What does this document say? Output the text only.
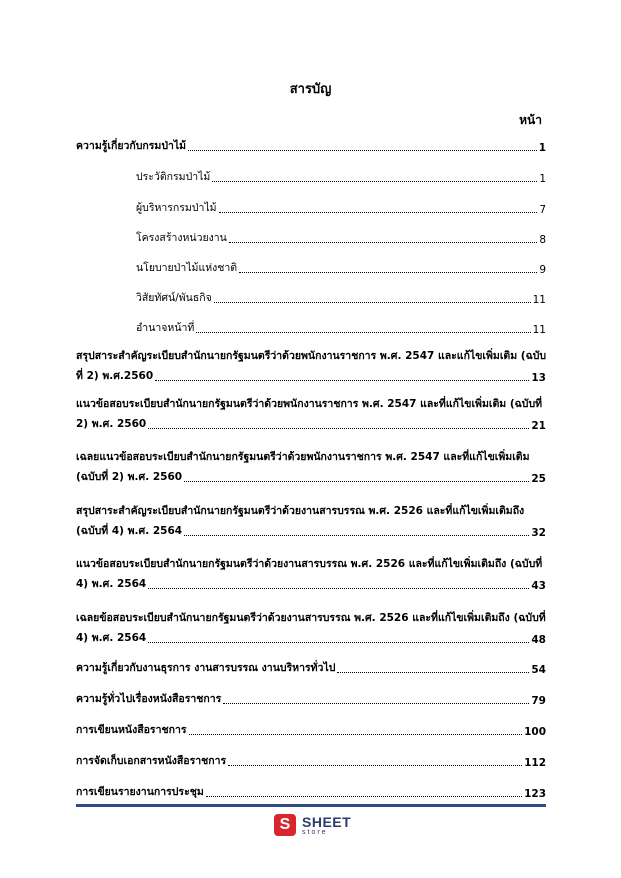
สารบัญ
หน้า
ความรู้เกี่ยวกับกรมป่าไม้	1
ประวัติกรมป่าไม้	1
ผู้บริหารกรมป่าไม้	7
โครงสร้างหน่วยงาน	8
นโยบายป่าไม้แห่งชาติ	9
วิสัยทัศน์/พันธกิจ	11
อำนาจหน้าที่	11
สรุปสาระสำคัญระเบียบสำนักนายกรัฐมนตรีว่าด้วยพนักงานราชการ พ.ศ. 2547 และแก้ไขเพิ่มเติม (ฉบับ
ที่ 2) พ.ศ.2560	13
แนวข้อสอบระเบียบสำนักนายกรัฐมนตรีว่าด้วยพนักงานราชการ พ.ศ. 2547 และที่แก้ไขเพิ่มเติม (ฉบับที่
2) พ.ศ. 2560	21
เฉลยแนวข้อสอบระเบียบสำนักนายกรัฐมนตรีว่าด้วยพนักงานราชการ พ.ศ. 2547 และที่แก้ไขเพิ่มเติม
(ฉบับที่ 2) พ.ศ. 2560	25
สรุปสาระสำคัญระเบียบสำนักนายกรัฐมนตรีว่าด้วยงานสารบรรณ พ.ศ. 2526 และที่แก้ไขเพิ่มเติมถึง
(ฉบับที่ 4) พ.ศ. 2564	32
แนวข้อสอบระเบียบสำนักนายกรัฐมนตรีว่าด้วยงานสารบรรณ พ.ศ. 2526 และที่แก้ไขเพิ่มเติมถึง (ฉบับที่
4) พ.ศ. 2564	43
เฉลยข้อสอบระเบียบสำนักนายกรัฐมนตรีว่าด้วยงานสารบรรณ พ.ศ. 2526 และที่แก้ไขเพิ่มเติมถึง (ฉบับที่
4) พ.ศ. 2564	48
ความรู้เกี่ยวกับงานธุรการ งานสารบรรณ งานบริหารทั่วไป	54
ความรู้ทั่วไปเรื่องหนังสือราชการ	79
การเขียนหนังสือราชการ	100
การจัดเก็บเอกสารหนังสือราชการ	112
การเขียนรายงานการประชุม	123
S SHEET
store
